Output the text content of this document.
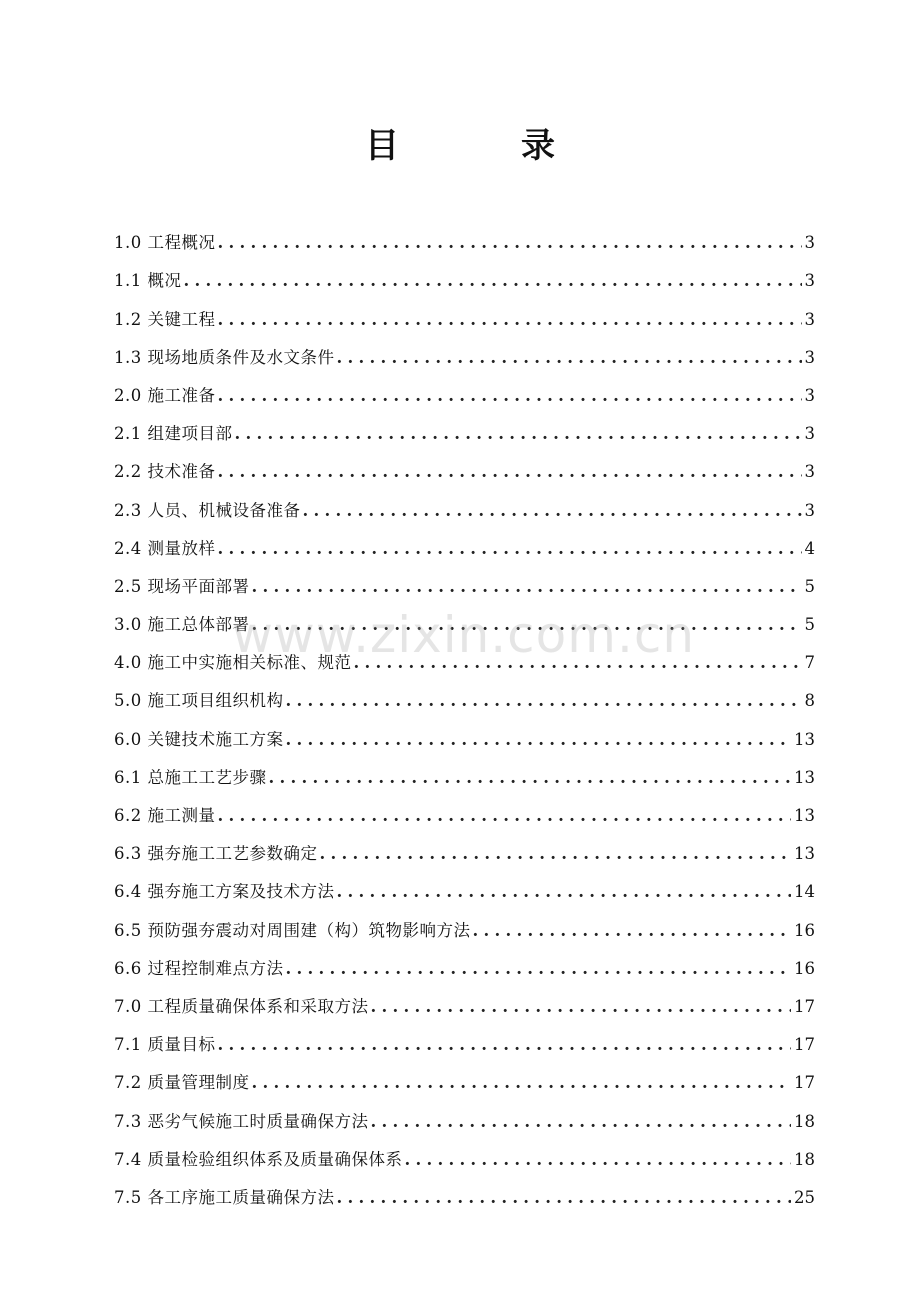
目　录
1.0 工程概况 . . .	3
1.1 概况 . . .	3
1.2 关键工程 . . .	3
1.3 现场地质条件及水文条件 . . .	3
2.0 施工准备 . . .	3
2.1 组建项目部 . . .	3
2.2 技术准备 . . .	3
2.3 人员、机械设备准备 . . .	3
2.4 测量放样 . . .	4
2.5 现场平面部署 . . .	5
3.0 施工总体部署 . . .	5
4.0 施工中实施相关标准、规范 . . .	7
5.0 施工项目组织机构 . . .	8
6.0 关键技术施工方案 . . .	13
6.1 总施工工艺步骤 . . .	13
6.2 施工测量 . . .	13
6.3 强夯施工工艺参数确定 . . .	13
6.4 强夯施工方案及技术方法 . . .	14
6.5 预防强夯震动对周围建（构）筑物影响方法 . . .	16
6.6 过程控制难点方法 . . .	16
7.0 工程质量确保体系和采取方法 . . .	17
7.1 质量目标 . . .	17
7.2 质量管理制度 . . .	17
7.3 恶劣气候施工时质量确保方法 . . .	18
7.4 质量检验组织体系及质量确保体系 . . .	18
7.5 各工序施工质量确保方法 . . .	25
www.zixin.com.cn
